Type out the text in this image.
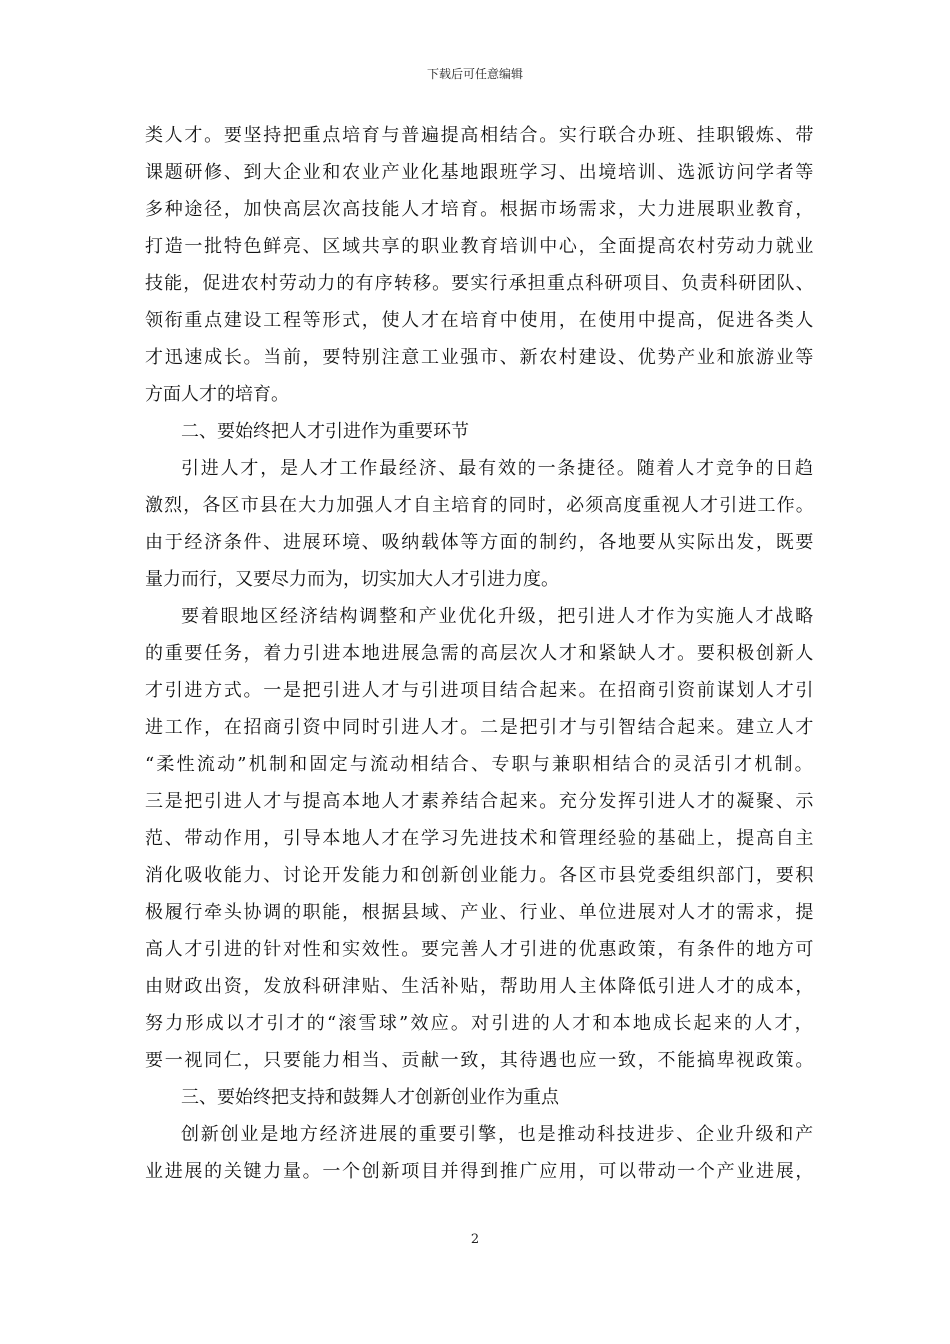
下载后可任意编辑
类人才。要坚持把重点培育与普遍提高相结合。实行联合办班、挂职锻炼、带
课题研修、到大企业和农业产业化基地跟班学习、出境培训、选派访问学者等
多种途径，加快高层次高技能人才培育。根据市场需求，大力进展职业教育，
打造一批特色鲜亮、区域共享的职业教育培训中心，全面提高农村劳动力就业
技能，促进农村劳动力的有序转移。要实行承担重点科研项目、负责科研团队、
领衔重点建设工程等形式，使人才在培育中使用，在使用中提高，促进各类人
才迅速成长。当前，要特别注意工业强市、新农村建设、优势产业和旅游业等
方面人才的培育。
二、要始终把人才引进作为重要环节
引进人才，是人才工作最经济、最有效的一条捷径。随着人才竞争的日趋
激烈，各区市县在大力加强人才自主培育的同时，必须高度重视人才引进工作。
由于经济条件、进展环境、吸纳载体等方面的制约，各地要从实际出发，既要
量力而行，又要尽力而为，切实加大人才引进力度。
要着眼地区经济结构调整和产业优化升级，把引进人才作为实施人才战略
的重要任务，着力引进本地进展急需的高层次人才和紧缺人才。要积极创新人
才引进方式。一是把引进人才与引进项目结合起来。在招商引资前谋划人才引
进工作，在招商引资中同时引进人才。二是把引才与引智结合起来。建立人才
“柔性流动”机制和固定与流动相结合、专职与兼职相结合的灵活引才机制。
三是把引进人才与提高本地人才素养结合起来。充分发挥引进人才的凝聚、示
范、带动作用，引导本地人才在学习先进技术和管理经验的基础上，提高自主
消化吸收能力、讨论开发能力和创新创业能力。各区市县党委组织部门，要积
极履行牵头协调的职能，根据县域、产业、行业、单位进展对人才的需求，提
高人才引进的针对性和实效性。要完善人才引进的优惠政策，有条件的地方可
由财政出资，发放科研津贴、生活补贴，帮助用人主体降低引进人才的成本，
努力形成以才引才的“滚雪球”效应。对引进的人才和本地成长起来的人才，
要一视同仁，只要能力相当、贡献一致，其待遇也应一致，不能搞卑视政策。
三、要始终把支持和鼓舞人才创新创业作为重点
创新创业是地方经济进展的重要引擎，也是推动科技进步、企业升级和产
业进展的关键力量。一个创新项目并得到推广应用，可以带动一个产业进展，
2
